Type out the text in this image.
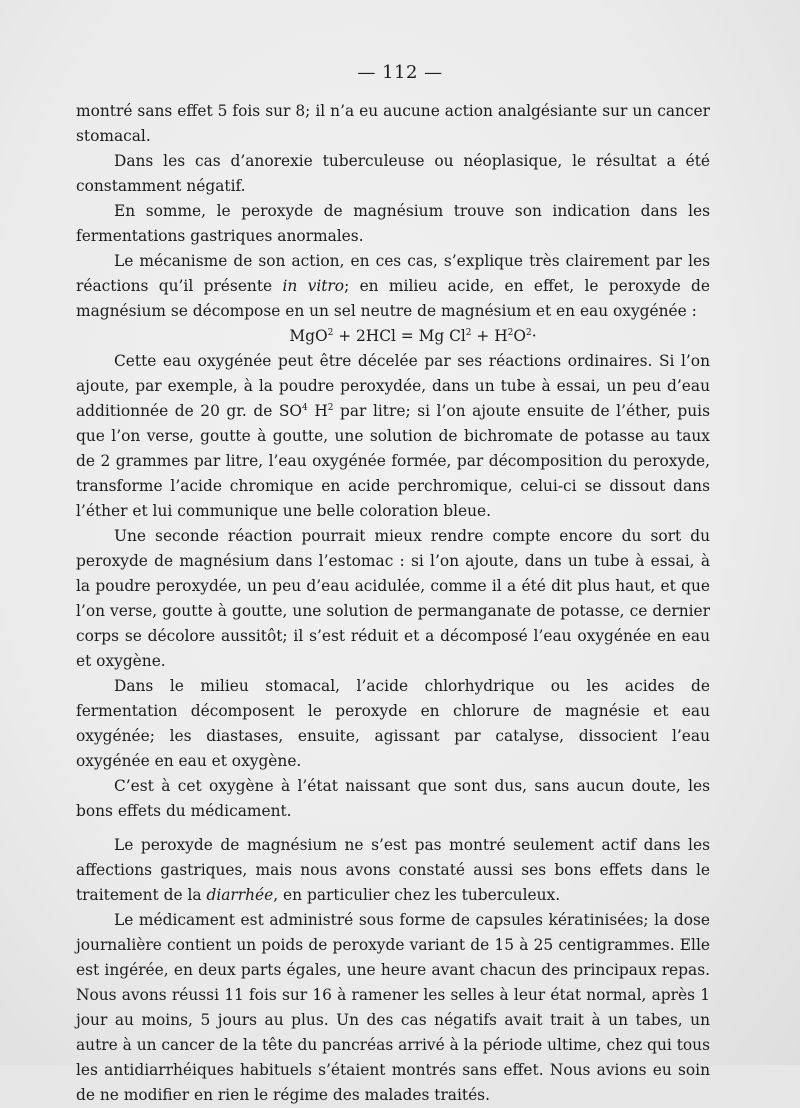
— 112 —

montré sans effet 5 fois sur 8; il n’a eu aucune action analgésiante sur un cancer stomacal.

Dans les cas d’anorexie tuberculeuse ou néoplasique, le résultat a été constamment négatif.

En somme, le peroxyde de magnésium trouve son indication dans les fermentations gastriques anormales.

Le mécanisme de son action, en ces cas, s’explique très clairement par les réactions qu’il présente in vitro; en milieu acide, en effet, le peroxyde de magnésium se décompose en un sel neutre de magnésium et en eau oxygénée :

MgO$^2$ + 2HCl = Mg $Cl^2 + H^2O^2\cdot$

Cette eau oxygénée peut être décelée par ses réactions ordinaires. Si l’on ajoute, par exemple, à la poudre peroxydée, dans un tube à essai, un peu d’eau additionnée de 20 gr. de $SO^4$ $H^2$ par litre; si l’on ajoute ensuite de l’éther, puis que l’on verse, goutte à goutte, une solution de bichromate de potasse au taux de 2 grammes par litre, l’eau oxygénée formée, par décomposition du peroxyde, transforme l’acide chromique en acide perchromique, celui-ci se dissout dans l’éther et lui communique une belle coloration bleue.

Une seconde réaction pourrait mieux rendre compte encore du sort du peroxyde de magnésium dans l’estomac : si l’on ajoute, dans un tube à essai, à la poudre peroxydée, un peu d’eau acidulée, comme il a été dit plus haut, et que l’on verse, goutte à goutte, une solution de permanganate de potasse, ce dernier corps se décolore aussitôt; il s’est réduit et a décomposé l’eau oxygénée en eau et oxygène.

Dans le milieu stomacal, l’acide chlorhydrique ou les acides de fermentation décomposent le peroxyde en chlorure de magnésie et eau oxygénée; les diastases, ensuite, agissant par catalyse, dissocient l’eau oxygénée en eau et oxygène.

C’est à cet oxygène à l’état naissant que sont dus, sans aucun doute, les bons effets du médicament.

Le peroxyde de magnésium ne s’est pas montré seulement actif dans les affections gastriques, mais nous avons constaté aussi ses bons effets dans le traitement de la diarrhée, en particulier chez les tuberculeux.

Le médicament est administré sous forme de capsules kératinisées; la dose journalière contient un poids de peroxyde variant de 15 à 25 centigrammes. Elle est ingérée, en deux parts égales, une heure avant chacun des principaux repas. Nous avons réussi 11 fois sur 16 à ramener les selles à leur état normal, après 1 jour au moins, 5 jours au plus. Un des cas négatifs avait trait à un tabes, un autre à un cancer de la tête du pancréas arrivé à la période ultime, chez qui tous les antidiarrhéiques habituels s’étaient montrés sans effet. Nous avions eu soin de ne modifier en rien le régime des malades traités.
